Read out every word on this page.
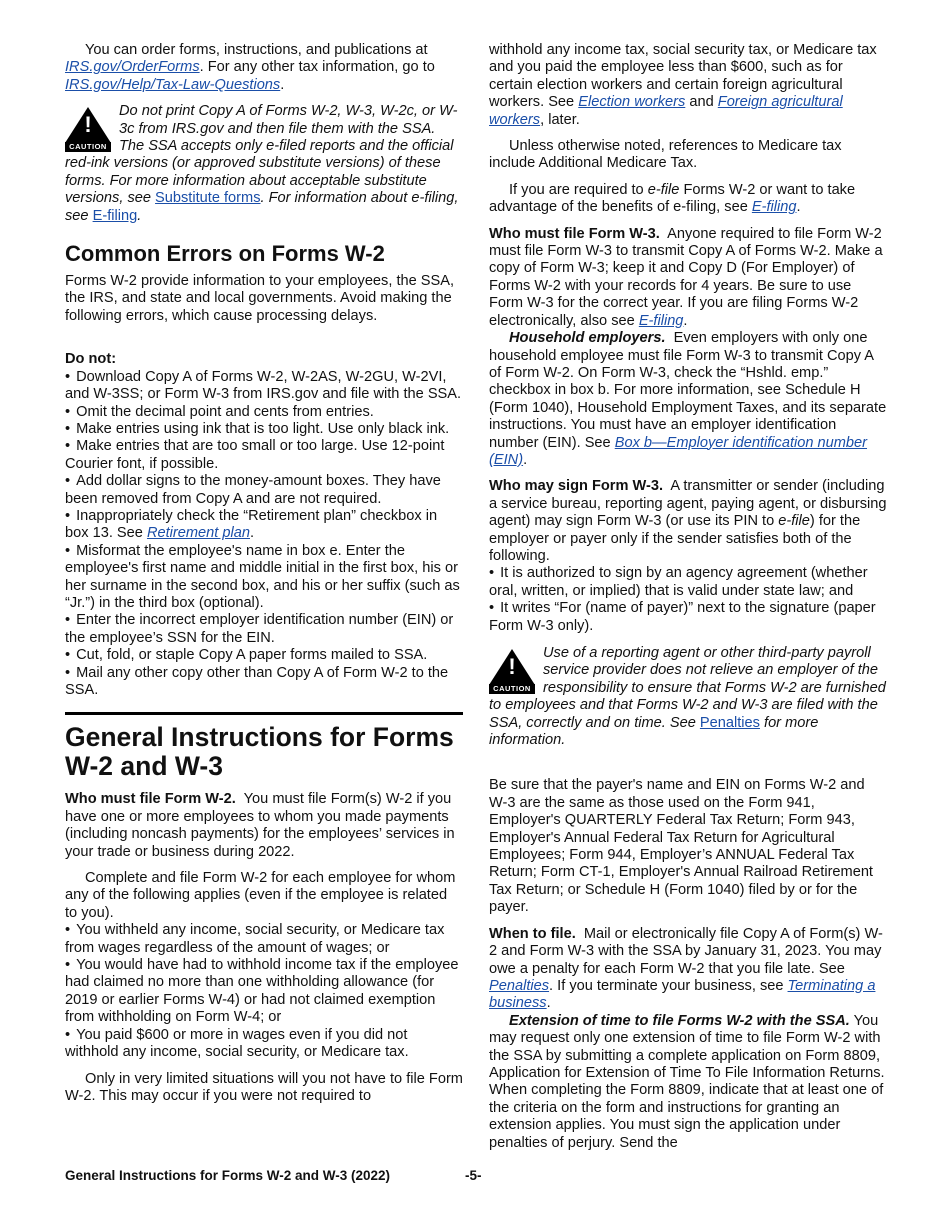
You can order forms, instructions, and publications at IRS.gov/OrderForms. For any other tax information, go to IRS.gov/Help/Tax-Law-Questions.

!
CAUTION
Do not print Copy A of Forms W-2, W-3, W-2c, or W-3c from IRS.gov and then file them with the SSA. The SSA accepts only e-filed reports and the official red-ink versions (or approved substitute versions) of these forms. For more information about acceptable substitute versions, see Substitute forms. For information about e-filing, see E-filing.
Common Errors on Forms W-2

Forms W-2 provide information to your employees, the SSA, the IRS, and state and local governments. Avoid making the following errors, which cause processing delays.

Do not:

• Download Copy A of Forms W-2, W-2AS, W-2GU, W-2VI, and W-3SS; or Form W-3 from IRS.gov and file with the SSA.

• Omit the decimal point and cents from entries.

• Make entries using ink that is too light. Use only black ink.

• Make entries that are too small or too large. Use 12-point Courier font, if possible.

• Add dollar signs to the money-amount boxes. They have been removed from Copy A and are not required.

• Inappropriately check the “Retirement plan” checkbox in box 13. See Retirement plan.

• Misformat the employee's name in box e. Enter the employee's first name and middle initial in the first box, his or her surname in the second box, and his or her suffix (such as “Jr.”) in the third box (optional).

• Enter the incorrect employer identification number (EIN) or the employee’s SSN for the EIN.

• Cut, fold, or staple Copy A paper forms mailed to SSA.

• Mail any other copy other than Copy A of Form W-2 to the SSA.

General Instructions for Forms W-2 and W-3

Who must file Form W-2. You must file Form(s) W-2 if you have one or more employees to whom you made payments (including noncash payments) for the employees’ services in your trade or business during 2022.

Complete and file Form W-2 for each employee for whom any of the following applies (even if the employee is related to you).

• You withheld any income, social security, or Medicare tax from wages regardless of the amount of wages; or

• You would have had to withhold income tax if the employee had claimed no more than one withholding allowance (for 2019 or earlier Forms W-4) or had not claimed exemption from withholding on Form W-4; or

• You paid $600 or more in wages even if you did not withhold any income, social security, or Medicare tax.

Only in very limited situations will you not have to file Form W-2. This may occur if you were not required to

withhold any income tax, social security tax, or Medicare tax and you paid the employee less than $600, such as for certain election workers and certain foreign agricultural workers. See Election workers and Foreign agricultural workers, later.

Unless otherwise noted, references to Medicare tax include Additional Medicare Tax.

If you are required to e-file Forms W-2 or want to take advantage of the benefits of e-filing, see E-filing.

Who must file Form W-3. Anyone required to file Form W-2 must file Form W-3 to transmit Copy A of Forms W-2. Make a copy of Form W-3; keep it and Copy D (For Employer) of Forms W-2 with your records for 4 years. Be sure to use Form W-3 for the correct year. If you are filing Forms W-2 electronically, also see E-filing.

Household employers. Even employers with only one household employee must file Form W-3 to transmit Copy A of Form W-2. On Form W-3, check the “Hshld. emp.” checkbox in box b. For more information, see Schedule H (Form 1040), Household Employment Taxes, and its separate instructions. You must have an employer identification number (EIN). See Box b—Employer identification number (EIN).

Who may sign Form W-3. A transmitter or sender (including a service bureau, reporting agent, paying agent, or disbursing agent) may sign Form W-3 (or use its PIN to e-file) for the employer or payer only if the sender satisfies both of the following.

• It is authorized to sign by an agency agreement (whether oral, written, or implied) that is valid under state law; and

• It writes “For (name of payer)” next to the signature (paper Form W-3 only).

!
CAUTION
Use of a reporting agent or other third-party payroll service provider does not relieve an employer of the responsibility to ensure that Forms W-2 are furnished to employees and that Forms W-2 and W-3 are filed with the SSA, correctly and on time. See Penalties for more information.

Be sure that the payer's name and EIN on Forms W-2 and W-3 are the same as those used on the Form 941, Employer's QUARTERLY Federal Tax Return; Form 943, Employer's Annual Federal Tax Return for Agricultural Employees; Form 944, Employer’s ANNUAL Federal Tax Return; Form CT-1, Employer's Annual Railroad Retirement Tax Return; or Schedule H (Form 1040) filed by or for the payer.

When to file. Mail or electronically file Copy A of Form(s) W-2 and Form W-3 with the SSA by January 31, 2023. You may owe a penalty for each Form W-2 that you file late. See Penalties. If you terminate your business, see Terminating a business.

Extension of time to file Forms W-2 with the SSA. You may request only one extension of time to file Form W-2 with the SSA by submitting a complete application on Form 8809, Application for Extension of Time To File Information Returns. When completing the Form 8809, indicate that at least one of the criteria on the form and instructions for granting an extension applies. You must sign the application under penalties of perjury. Send the

General Instructions for Forms W-2 and W-3 (2022)	-5-
